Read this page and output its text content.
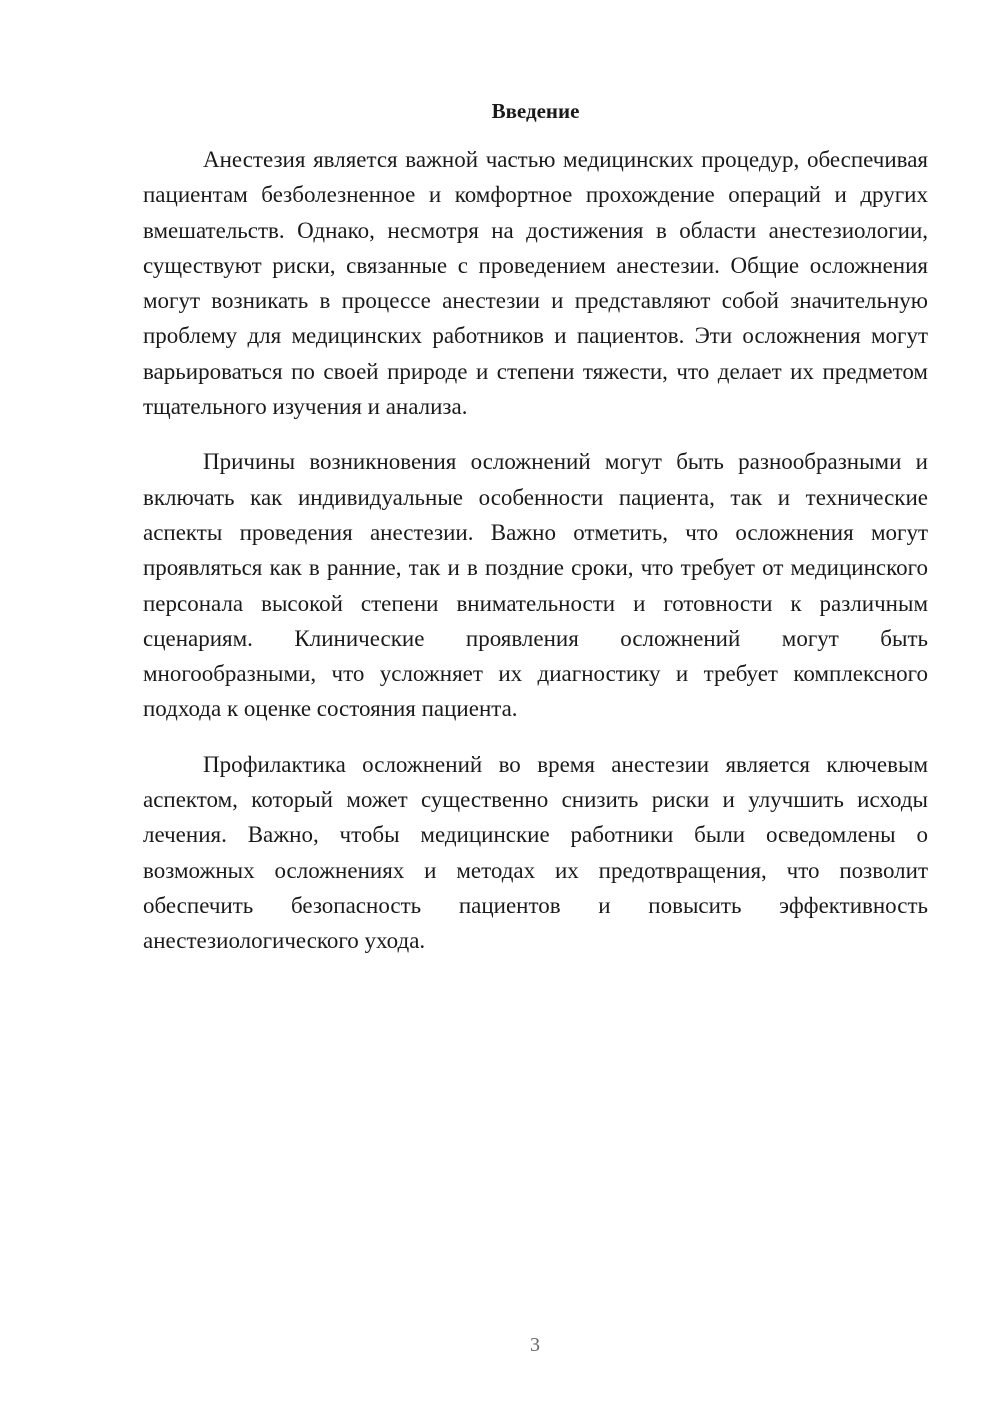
Введение

Анестезия является важной частью медицинских процедур, обеспечивая пациентам безболезненное и комфортное прохождение операций и других вмешательств. Однако, несмотря на достижения в области анестезиологии, существуют риски, связанные с проведением анестезии. Общие осложнения могут возникать в процессе анестезии и представляют собой значительную проблему для медицинских работников и пациентов. Эти осложнения могут варьироваться по своей природе и степени тяжести, что делает их предметом тщательного изучения и анализа.

Причины возникновения осложнений могут быть разнообразными и включать как индивидуальные особенности пациента, так и технические аспекты проведения анестезии. Важно отметить, что осложнения могут проявляться как в ранние, так и в поздние сроки, что требует от медицинского персонала высокой степени внимательности и готовности к различным сценариям. Клинические проявления осложнений могут быть многообразными, что усложняет их диагностику и требует комплексного подхода к оценке состояния пациента.

Профилактика осложнений во время анестезии является ключевым аспектом, который может существенно снизить риски и улучшить исходы лечения. Важно, чтобы медицинские работники были осведомлены о возможных осложнениях и методах их предотвращения, что позволит обеспечить безопасность пациентов и повысить эффективность анестезиологического ухода.

3
